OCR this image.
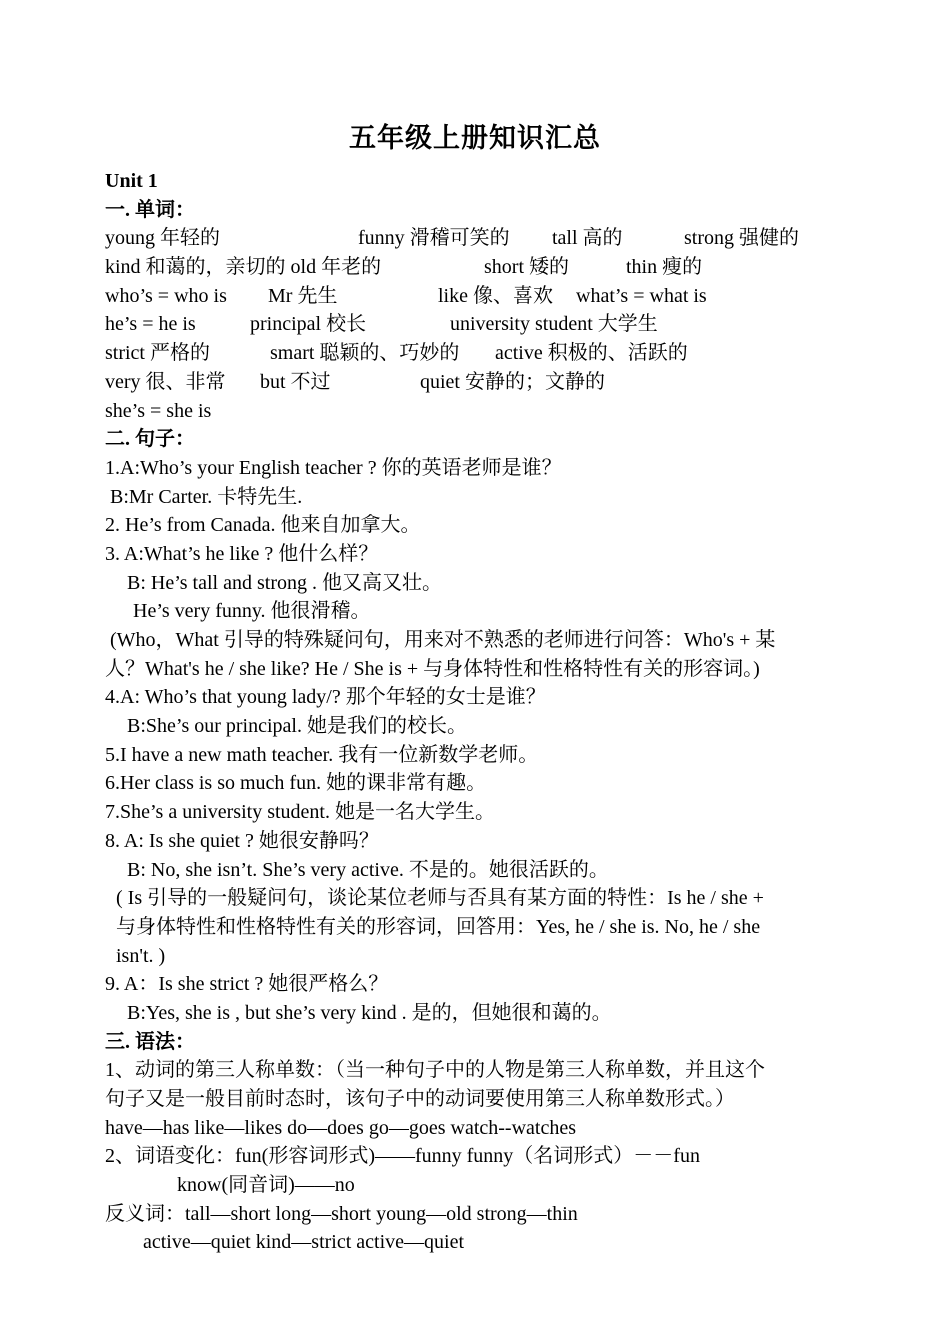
五年级上册知识汇总
Unit 1
一. 单词：
young 年轻的	funny 滑稽可笑的 tall 高的	strong 强健的
kind 和蔼的，亲切的 old 年老的	short 矮的	thin 瘦的
who’s = who is Mr 先生	like 像、喜欢 what’s = what is
he’s = he is	principal 校长	university student 大学生
strict 严格的	smart 聪颖的、巧妙的 active 积极的、活跃的
very 很、非常 but 不过	quiet 安静的；文静的
she’s = she is
二. 句子：
1.A:Who’s your English teacher ? 你的英语老师是谁？
B:Mr Carter. 卡特先生.
2. He’s from Canada. 他来自加拿大。
3. A:What’s he like ? 他什么样？
B: He’s tall and strong . 他又高又壮。
He’s very funny. 他很滑稽。
(Who，What 引导的特殊疑问句，用来对不熟悉的老师进行问答：Who's + 某
人？What's he / she like? He / She is + 与身体特性和性格特性有关的形容词。)
4.A: Who’s that young lady/? 那个年轻的女士是谁？
B:She’s our principal. 她是我们的校长。
5.I have a new math teacher. 我有一位新数学老师。
6.Her class is so much fun. 她的课非常有趣。
7.She’s a university student. 她是一名大学生。
8. A: Is she quiet ? 她很安静吗？
B: No, she isn’t. She’s very active. 不是的。她很活跃的。
( Is 引导的一般疑问句，谈论某位老师与否具有某方面的特性：Is he / she +
与身体特性和性格特性有关的形容词，回答用：Yes, he / she is. No, he / she
isn't. )
9. A：Is she strict ? 她很严格么？
B:Yes, she is , but she’s very kind . 是的，但她很和蔼的。
三. 语法：
1、动词的第三人称单数：（当一种句子中的人物是第三人称单数，并且这个
句子又是一般目前时态时，该句子中的动词要使用第三人称单数形式。）
have—has like—likes do—does go—goes watch--watches
2、词语变化：fun(形容词形式)——funny funny（名词形式）－－fun
know(同音词)——no
反义词：tall—short long—short young—old strong—thin
active—quiet kind—strict active—quiet
